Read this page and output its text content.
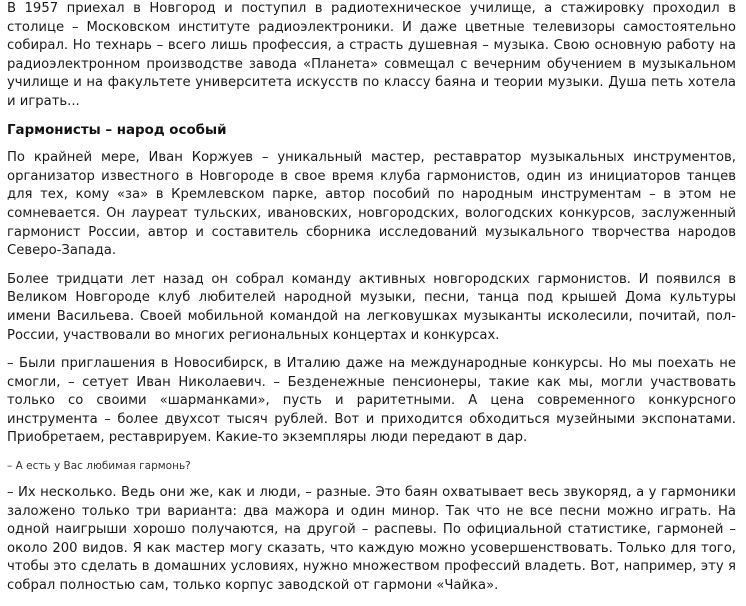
В 1957 приехал в Новгород и поступил в радиотехническое училище, а стажировку проходил в столице – Московском институте радиоэлектроники. И даже цветные телевизоры самостоятельно собирал. Но технарь – всего лишь профессия, а страсть душевная – музыка. Свою основную работу на радиоэлектронном производстве завода «Планета» совмещал с вечерним обучением в музыкальном училище и на факультете университета искусств по классу баяна и теории музыки. Душа петь хотела и играть...

Гармонисты – народ особый

По крайней мере, Иван Коржуев – уникальный мастер, реставратор музыкальных инструментов, организатор известного в Новгороде в свое время клуба гармонистов, один из инициаторов танцев для тех, кому «за» в Кремлевском парке, автор пособий по народным инструментам – в этом не сомневается. Он лауреат тульских, ивановских, новгородских, вологодских конкурсов, заслуженный гармонист России, автор и составитель сборника исследований музыкального творчества народов Северо-Запада.

Более тридцати лет назад он собрал команду активных новгородских гармонистов. И появился в Великом Новгороде клуб любителей народной музыки, песни, танца под крышей Дома культуры имени Васильева. Своей мобильной командой на легковушках музыканты исколесили, почитай, пол-России, участвовали во многих региональных концертах и конкурсах.

– Были приглашения в Новосибирск, в Италию даже на международные конкурсы. Но мы поехать не смогли, – сетует Иван Николаевич. – Безденежные пенсионеры, такие как мы, могли участвовать только со своими «шарманками», пусть и раритетными. А цена современного конкурсного инструмента – более двухсот тысяч рублей. Вот и приходится обходиться музейными экспонатами. Приобретаем, реставрируем. Какие-то экземпляры люди передают в дар.

– А есть у Вас любимая гармонь?

– Их несколько. Ведь они же, как и люди, – разные. Это баян охватывает весь звукоряд, а у гармоники заложено только три варианта: два мажора и один минор. Так что не все песни можно играть. На одной наигрыши хорошо получаются, на другой – распевы. По официальной статистике, гармоней – около 200 видов. Я как мастер могу сказать, что каждую можно усовершенствовать. Только для того, чтобы это сделать в домашних условиях, нужно множеством профессий владеть. Вот, например, эту я собрал полностью сам, только корпус заводской от гармони «Чайка».
